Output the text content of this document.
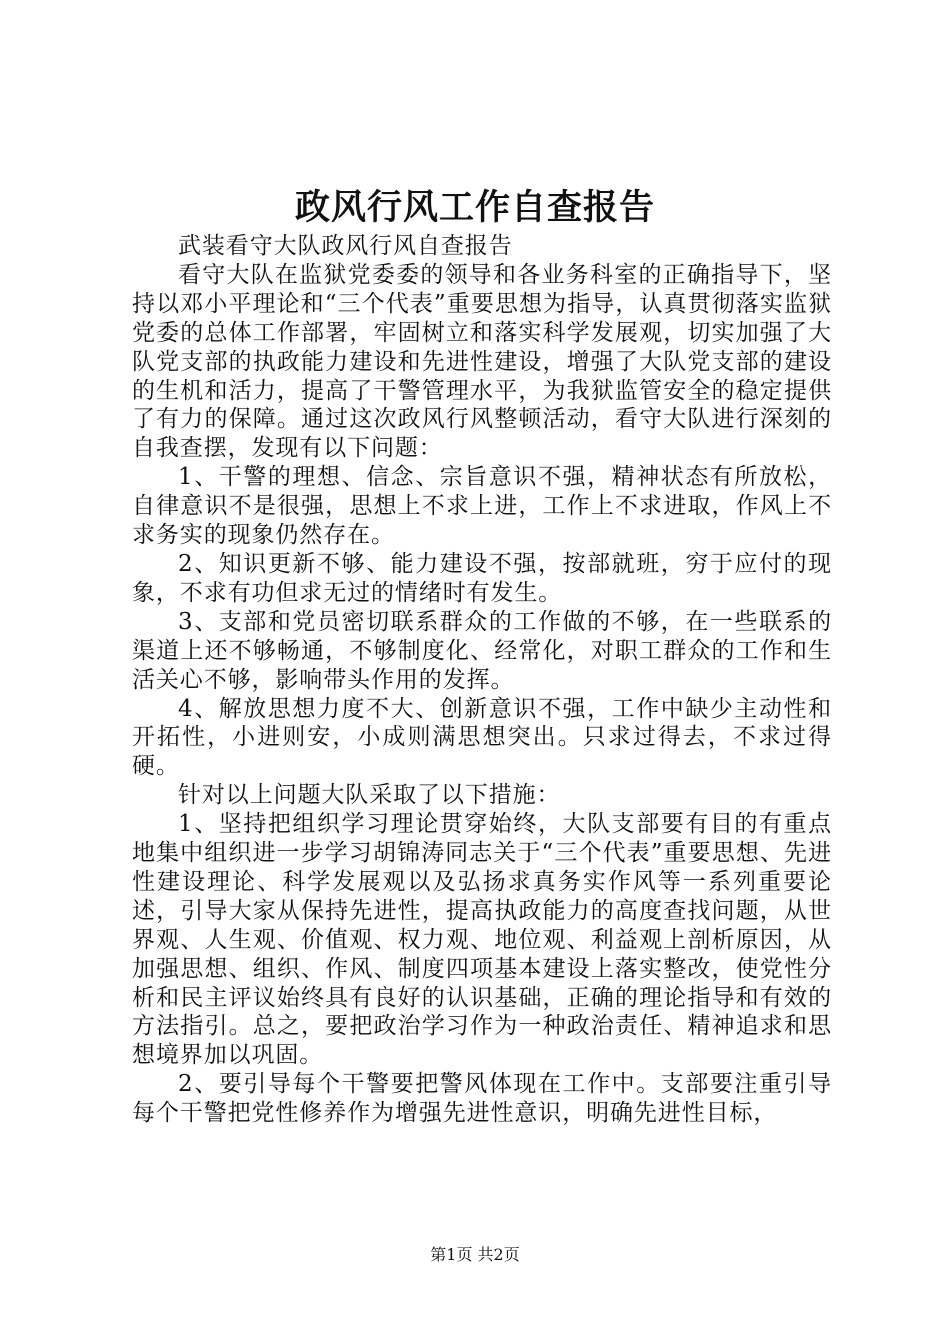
政风行风工作自查报告

武装看守大队政风行风自查报告

看守大队在监狱党委委的领导和各业务科室的正确指导下，坚持以邓小平理论和“三个代表”重要思想为指导，认真贯彻落实监狱党委的总体工作部署，牢固树立和落实科学发展观，切实加强了大队党支部的执政能力建设和先进性建设，增强了大队党支部的建设的生机和活力，提高了干警管理水平，为我狱监管安全的稳定提供了有力的保障。通过这次政风行风整顿活动，看守大队进行深刻的自我查摆，发现有以下问题：

1、干警的理想、信念、宗旨意识不强，精神状态有所放松，自律意识不是很强，思想上不求上进，工作上不求进取，作风上不求务实的现象仍然存在。

2、知识更新不够、能力建设不强，按部就班，穷于应付的现象，不求有功但求无过的情绪时有发生。

3、支部和党员密切联系群众的工作做的不够，在一些联系的渠道上还不够畅通，不够制度化、经常化，对职工群众的工作和生活关心不够，影响带头作用的发挥。

4、解放思想力度不大、创新意识不强，工作中缺少主动性和开拓性，小进则安，小成则满思想突出。只求过得去，不求过得硬。

针对以上问题大队采取了以下措施：

1、坚持把组织学习理论贯穿始终，大队支部要有目的有重点地集中组织进一步学习胡锦涛同志关于“三个代表”重要思想、先进性建设理论、科学发展观以及弘扬求真务实作风等一系列重要论述，引导大家从保持先进性，提高执政能力的高度查找问题，从世界观、人生观、价值观、权力观、地位观、利益观上剖析原因，从加强思想、组织、作风、制度四项基本建设上落实整改，使党性分析和民主评议始终具有良好的认识基础，正确的理论指导和有效的方法指引。总之，要把政治学习作为一种政治责任、精神追求和思想境界加以巩固。

2、要引导每个干警要把警风体现在工作中。支部要注重引导每个干警把党性修养作为增强先进性意识，明确先进性目标，

第1页 共2页
